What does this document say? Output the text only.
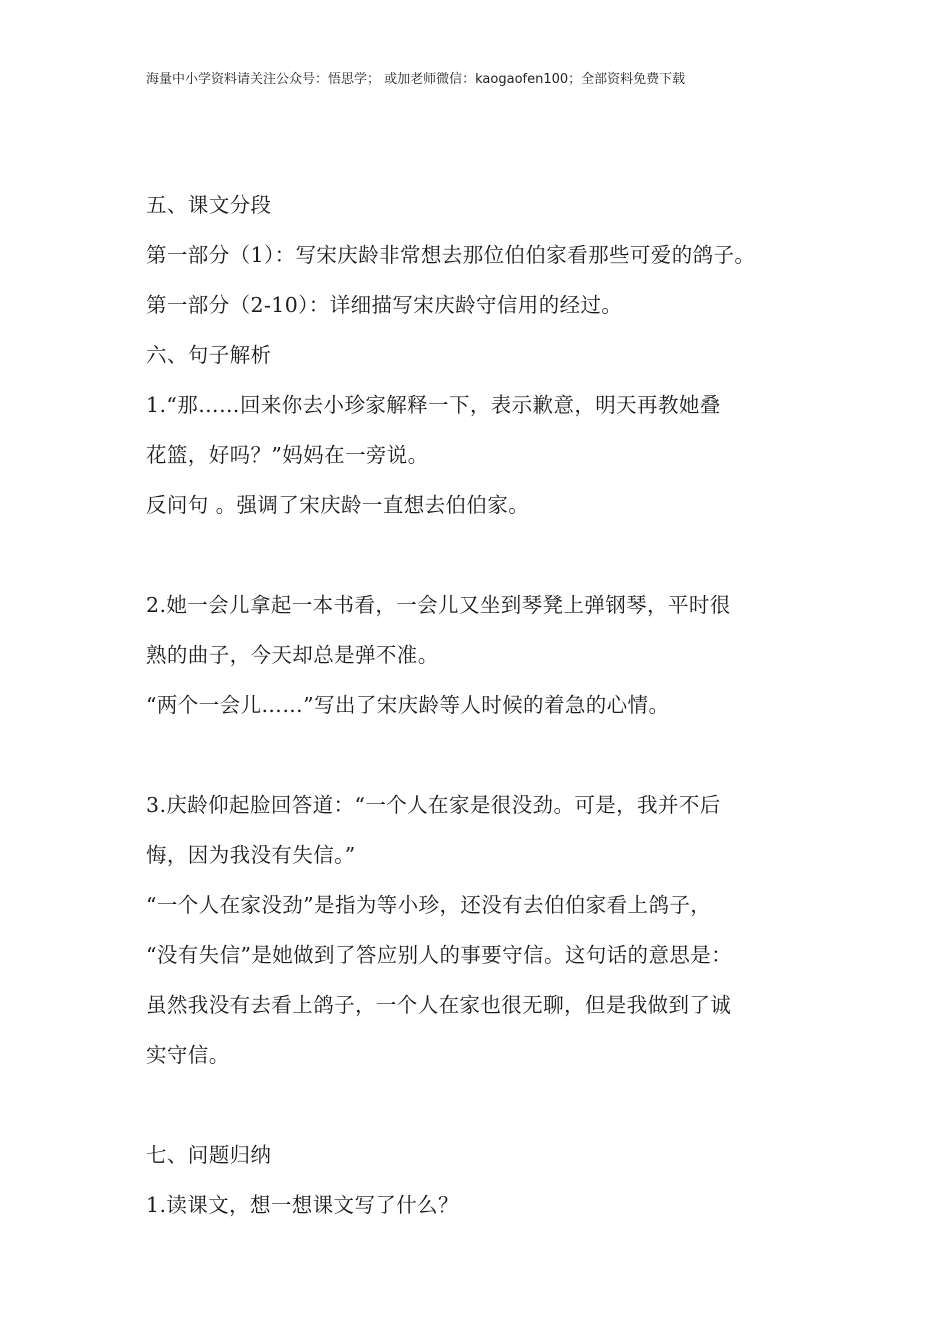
海量中小学资料请关注公众号：悟思学； 或加老师微信：kaogaofen100；全部资料免费下载

五、课文分段

第一部分（1）：写宋庆龄非常想去那位伯伯家看那些可爱的鸽子。

第一部分（2-10）：详细描写宋庆龄守信用的经过。

六、句子解析

1.“那……回来你去小珍家解释一下，表示歉意，明天再教她叠

花篮，好吗？”妈妈在一旁说。

反问句 。强调了宋庆龄一直想去伯伯家。

2.她一会儿拿起一本书看，一会儿又坐到琴凳上弹钢琴，平时很

熟的曲子，今天却总是弹不准。

“两个一会儿……”写出了宋庆龄等人时候的着急的心情。

3.庆龄仰起脸回答道：“一个人在家是很没劲。可是，我并不后

悔，因为我没有失信。”

“一个人在家没劲”是指为等小珍，还没有去伯伯家看上鸽子，

“没有失信”是她做到了答应别人的事要守信。这句话的意思是：

虽然我没有去看上鸽子，一个人在家也很无聊，但是我做到了诚

实守信。

七、问题归纳

1.读课文，想一想课文写了什么？
